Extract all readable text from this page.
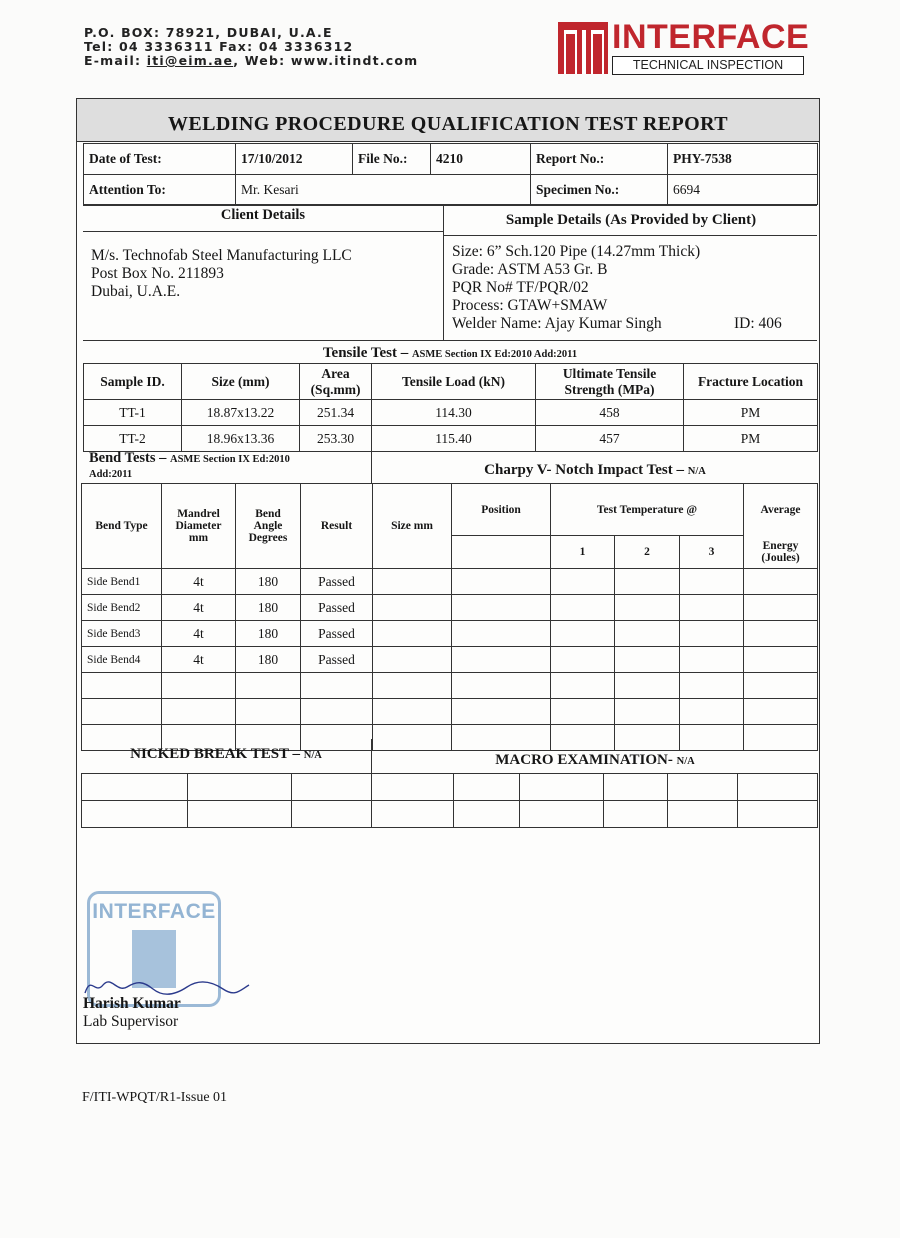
P.O. BOX: 78921, DUBAI, U.A.E
Tel: 04 3336311 Fax: 04 3336312
E-mail: iti@eim.ae, Web: www.itindt.com
INTERFACE
TECHNICAL INSPECTION
WELDING PROCEDURE QUALIFICATION TEST REPORT
Date of Test:	17/10/2012	File No.:	4210	Report No.:	PHY-7538
Attention To:	Mr. Kesari			Specimen No.:	6694
Client Details	Sample Details (As Provided by Client)
M/s. Technofab Steel Manufacturing LLC
Post Box No. 211893
Dubai, U.A.E.
Size: 6” Sch.120 Pipe (14.27mm Thick)
Grade: ASTM A53 Gr. B
PQR No# TF/PQR/02
Process: GTAW+SMAW
Welder Name: Ajay Kumar Singh	ID: 406
Tensile Test – ASME Section IX Ed:2010 Add:2011
Sample ID.	Size (mm)	Area (Sq.mm)	Tensile Load (kN)	Ultimate Tensile Strength (MPa)	Fracture Location
TT-1	18.87x13.22	251.34	114.30	458	PM
TT-2	18.96x13.36	253.30	115.40	457	PM
Bend Tests – ASME Section IX Ed:2010
Add:2011	Charpy V- Notch Impact Test – N/A
Bend Type	Mandrel Diameter mm	Bend Angle Degrees	Result	Size mm	Position	Test Temperature @			Average
						1	2	3	Energy (Joules)
Side Bend1	4t	180	Passed						
Side Bend2	4t	180	Passed						
Side Bend3	4t	180	Passed						
Side Bend4	4t	180	Passed						

NICKED BREAK TEST – N/A	MACRO EXAMINATION- N/A

INTERFACE
Harish Kumar
Lab Supervisor
F/ITI-WPQT/R1-Issue 01
